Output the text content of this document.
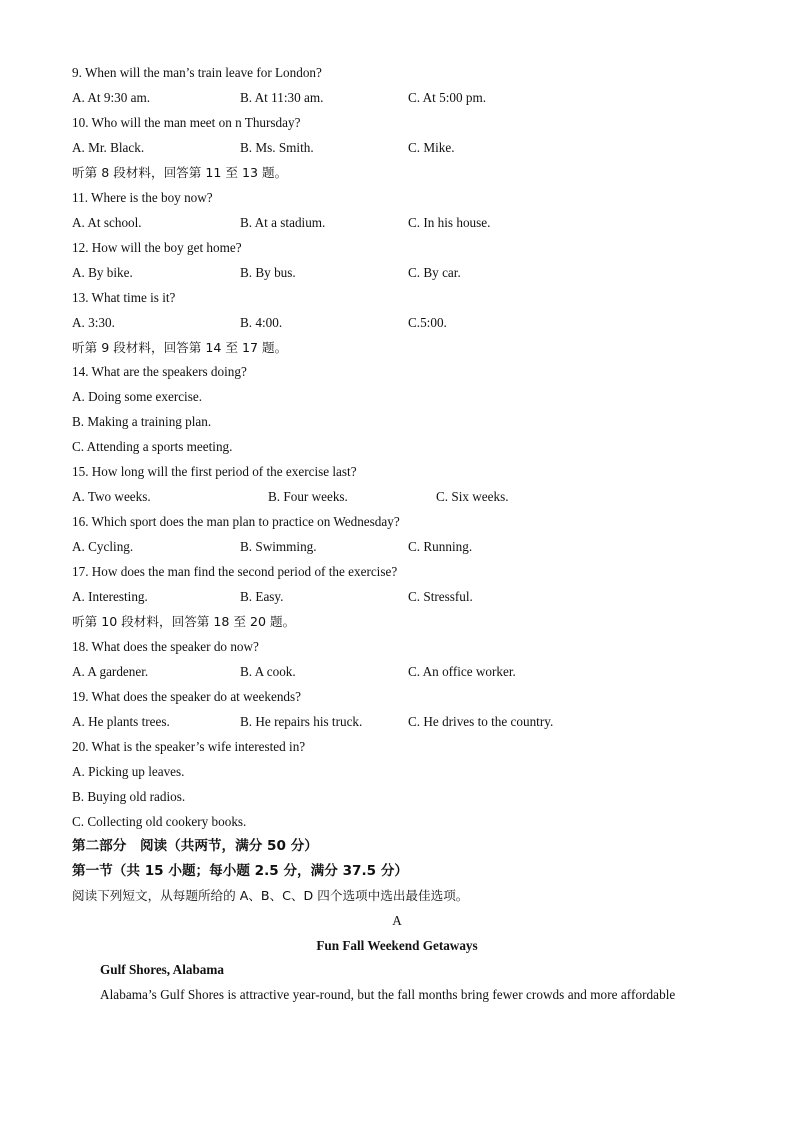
9. When will the man’s train leave for London?
A. At 9:30 am.	B. At 11:30 am.	C. At 5:00 pm.
10. Who will the man meet on n Thursday?
A. Mr. Black.	B. Ms. Smith.	C. Mike.
听第 8 段材料，回答第 11 至 13 题。
11. Where is the boy now?
A. At school.	B. At a stadium.	C. In his house.
12. How will the boy get home?
A. By bike.	B. By bus.	C. By car.
13. What time is it?
A. 3:30.	B. 4:00.	C.5:00.
听第 9 段材料，回答第 14 至 17 题。
14. What are the speakers doing?
A. Doing some exercise.
B. Making a training plan.
C. Attending a sports meeting.
15. How long will the first period of the exercise last?
A. Two weeks.	B. Four weeks.	C. Six weeks.
16. Which sport does the man plan to practice on Wednesday?
A. Cycling.	B. Swimming.	C. Running.
17. How does the man find the second period of the exercise?
A. Interesting.	B. Easy.	C. Stressful.
听第 10 段材料，回答第 18 至 20 题。
18. What does the speaker do now?
A. A gardener.	B. A cook.	C. An office worker.
19. What does the speaker do at weekends?
A. He plants trees.	B. He repairs his truck.	C. He drives to the country.
20. What is the speaker’s wife interested in?
A. Picking up leaves.
B. Buying old radios.
C. Collecting old cookery books.
第二部分　阅读（共两节，满分 50 分）
第一节（共 15 小题；每小题 2.5 分，满分 37.5 分）
阅读下列短文，从每题所给的 A、B、C、D 四个选项中选出最佳选项。
A
Fun Fall Weekend Getaways
Gulf Shores, Alabama
Alabama’s Gulf Shores is attractive year-round, but the fall months bring fewer crowds and more affordable
